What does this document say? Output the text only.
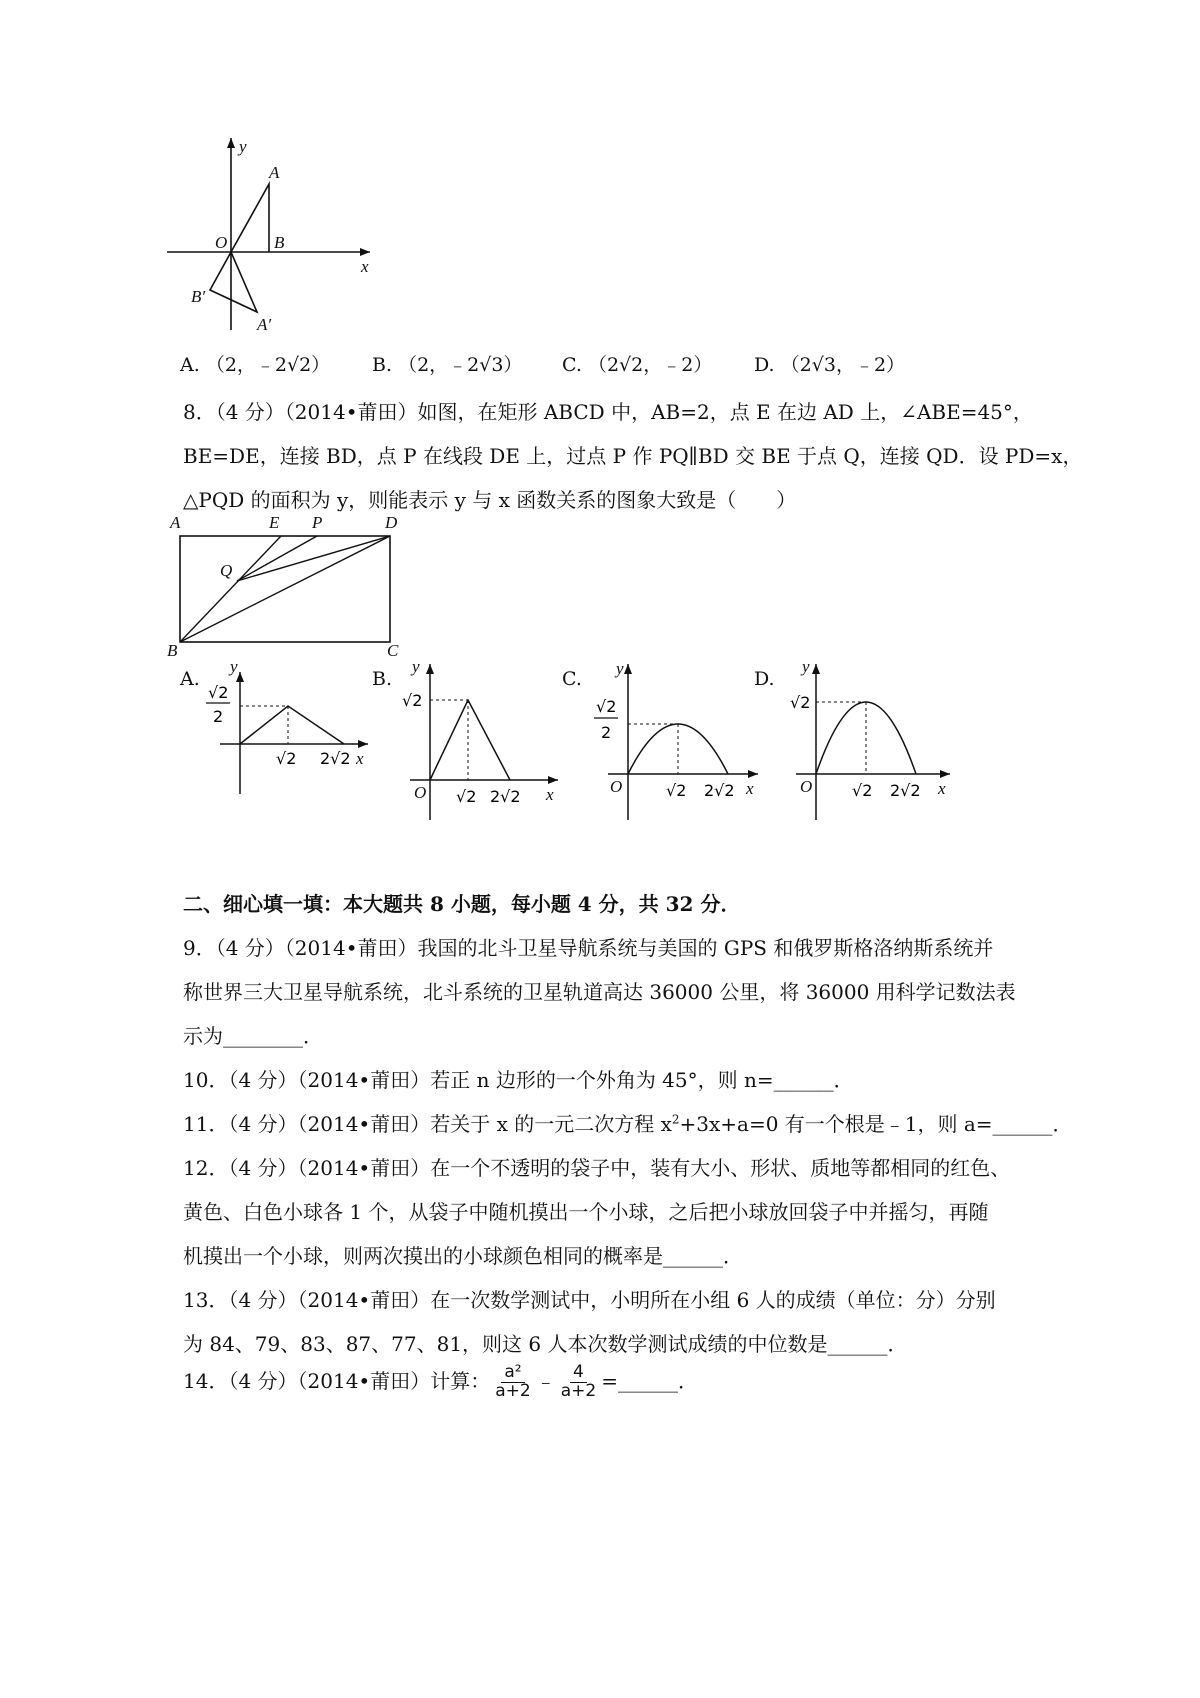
y
x
O
A
B
B′
A′
A. （2，﹣2√2） B. （2，﹣2√3） C. （2√2，﹣2） D. （2√3，﹣2）
8．（4 分）（2014•莆田）如图，在矩形 ABCD 中，AB=2，点 E 在边 AD 上，∠ABE=45°，
BE=DE，连接 BD，点 P 在线段 DE 上，过点 P 作 PQ∥BD 交 BE 于点 Q，连接 QD．设 PD=x，
△PQD 的面积为 y，则能表示 y 与 x 函数关系的图象大致是（　　）
A	E P	D
Q
B	C
A.
y
x
√2
2
√2 2√2
B.
y
x
O
√2
√2 2√2
C. y
x
O
√2
2
√2 2√2
D.
y
x
O
√2
√2 2√2
二、细心填一填：本大题共 8 小题，每小题 4 分，共 32 分．
9．（4 分）（2014•莆田）我国的北斗卫星导航系统与美国的 GPS 和俄罗斯格洛纳斯系统并
称世界三大卫星导航系统，北斗系统的卫星轨道高达 36000 公里，将 36000 用科学记数法表
示为________．
10．（4 分）（2014•莆田）若正 n 边形的一个外角为 45°，则 n=______．
11．（4 分）（2014•莆田）若关于 x 的一元二次方程 $x^2+3x+a=0$ 有一个根是﹣1，则 a=______．
12．（4 分）（2014•莆田）在一个不透明的袋子中，装有大小、形状、质地等都相同的红色、
黄色、白色小球各 1 个，从袋子中随机摸出一个小球，之后把小球放回袋子中并摇匀，再随
机摸出一个小球，则两次摸出的小球颜色相同的概率是______．
13．（4 分）（2014•莆田）在一次数学测试中，小明所在小组 6 人的成绩（单位：分）分别
为 84、79、83、87、77、81，则这 6 人本次数学测试成绩的中位数是______．
14．（4 分）（2014•莆田）计算： $\frac{\text{a²}}{a+2}$ ﹣ $\frac{4}{a+2}$ =______．
